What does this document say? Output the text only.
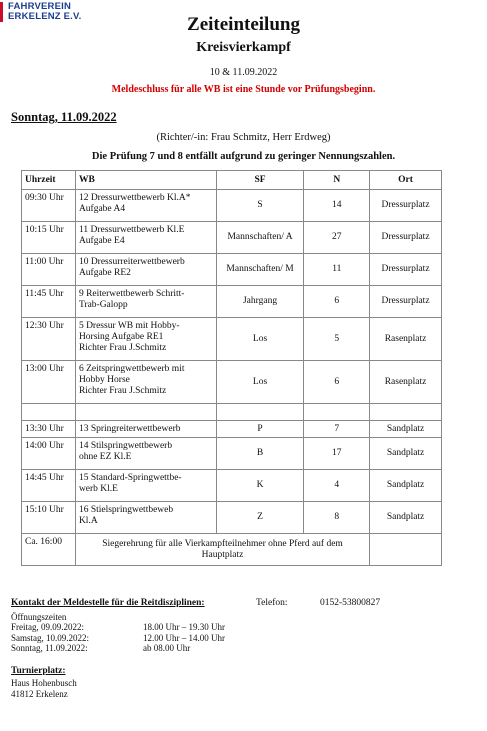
FAHRVEREIN
ERKELENZ E.V.	Zeiteinteilung
Kreisvierkampf
10 & 11.09.2022
Meldeschluss für alle WB ist eine Stunde vor Prüfungsbeginn.
Sonntag, 11.09.2022
(Richter/-in: Frau Schmitz, Herr Erdweg)
Die Prüfung 7 und 8 entfällt aufgrund zu geringer Nennungszahlen.
Uhrzeit	WB	SF	N	Ort
09:30 Uhr	12 Dressurwettbewerb Kl.A*
Aufgabe A4	S	14	Dressurplatz
10:15 Uhr	11 Dressurwettbewerb Kl.E
Aufgabe E4	Mannschaften/ A	27	Dressurplatz
11:00 Uhr	10 Dressurreiterwettbewerb
Aufgabe RE2	Mannschaften/ M	11	Dressurplatz
11:45 Uhr	9 Reiterwettbewerb Schritt-
Trab-Galopp	Jahrgang	6	Dressurplatz
12:30 Uhr	5 Dressur WB mit Hobby-
Horsing Aufgabe RE1
Richter Frau J.Schmitz	Los	5	Rasenplatz
13:00 Uhr	6 Zeitspringwettbewerb mit
Hobby Horse
Richter Frau J.Schmitz	Los	6	Rasenplatz

13:30 Uhr	13 Springreiterwettbewerb	P	7	Sandplatz
14:00 Uhr	14 Stilspringwettbewerb
ohne EZ Kl.E	B	17	Sandplatz
14:45 Uhr	15 Standard-Springwettbe-
werb Kl.E	K	4	Sandplatz
15:10 Uhr	16 Stielspringwettbeweb
Kl.A	Z	8	Sandplatz
Ca. 16:00	Siegerehrung für alle Vierkampfteilnehmer ohne Pferd auf dem
Hauptplatz			
Kontakt der Meldestelle für die Reitdisziplinen:	Telefon:	0152-53800827
Öffnungszeiten
Freitag, 09.09.2022:	18.00 Uhr – 19.30 Uhr
Samstag, 10.09.2022:	12.00 Uhr – 14.00 Uhr
Sonntag, 11.09.2022:	ab 08.00 Uhr
Turnierplatz:
Haus Hohenbusch
41812 Erkelenz
